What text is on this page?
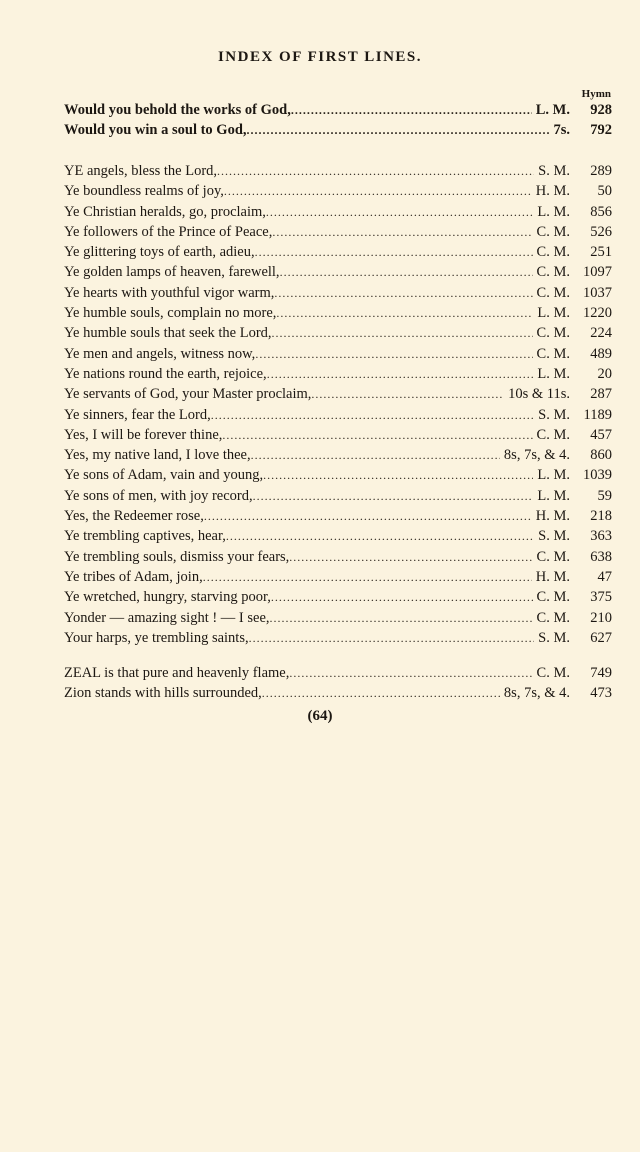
INDEX OF FIRST LINES.
Hymn
Would you behold the works of God, .....	L. M.	928
Would you win a soul to God, .....	7s.	792
YE angels, bless the Lord, .....	S. M.	289
Ye boundless realms of joy, .....	H. M.	50
Ye Christian heralds, go, proclaim, .....	L. M.	856
Ye followers of the Prince of Peace, .....	C. M.	526
Ye glittering toys of earth, adieu, .....	C. M.	251
Ye golden lamps of heaven, farewell, .....	C. M. 1097
Ye hearts with youthful vigor warm, .....	C. M. 1037
Ye humble souls, complain no more, .....	L. M. 1220
Ye humble souls that seek the Lord, .....	C. M.	224
Ye men and angels, witness now, .....	C. M.	489
Ye nations round the earth, rejoice, .....	L. M.	20
Ye servants of God, your Master proclaim, .....	10s & 11s.	287
Ye sinners, fear the Lord, .....	S. M. 1189
Yes, I will be forever thine, .....	C. M.	457
Yes, my native land, I love thee, .....	8s, 7s, & 4.	860
Ye sons of Adam, vain and young, .....	L. M. 1039
Ye sons of men, with joy record, .....	L. M.	59
Yes, the Redeemer rose, .....	H. M.	218
Ye trembling captives, hear, .....	S. M.	363
Ye trembling souls, dismiss your fears, .....	C. M.	638
Ye tribes of Adam, join, .....	H. M.	47
Ye wretched, hungry, starving poor, .....	C. M.	375
Yonder — amazing sight ! — I see, .....	C. M.	210
Your harps, ye trembling saints, .....	S. M.	627
ZEAL is that pure and heavenly flame, .....	C. M.	749
Zion stands with hills surrounded, .....	8s, 7s, & 4.	473
(64)
